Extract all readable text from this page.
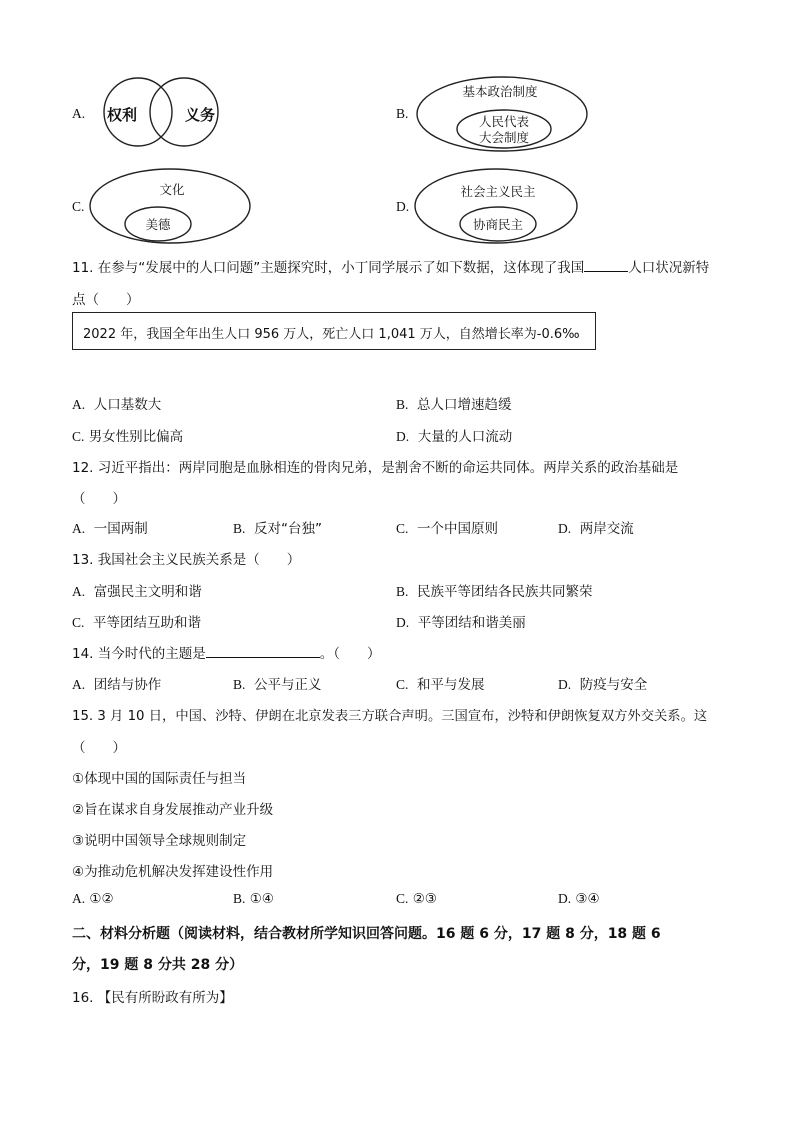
A. 权利	义务	B.
基本政治制度
人民代表
大会制度
C.
文化
美德
D.
社会主义民主
协商民主
11. 在参与“发展中的人口问题”主题探究时，小丁同学展示了如下数据，这体现了我国	人口状况新特
点（　　）
2022 年，我国全年出生人口 956 万人，死亡人口 1,041 万人，自然增长率为-0.6‰
A. 人口基数大	B. 总人口增速趋缓
C. 男女性别比偏高	D. 大量的人口流动
12. 习近平指出：两岸同胞是血脉相连的骨肉兄弟，是割舍不断的命运共同体。两岸关系的政治基础是
（　　）
A. 一国两制	B. 反对“台独”	C. 一个中国原则	D. 两岸交流
13. 我国社会主义民族关系是（　　）
A. 富强民主文明和谐	B. 民族平等团结各民族共同繁荣
C. 平等团结互助和谐	D. 平等团结和谐美丽
14. 当今时代的主题是	。（　　）
A. 团结与协作	B. 公平与正义	C. 和平与发展	D. 防疫与安全
15. 3 月 10 日，中国、沙特、伊朗在北京发表三方联合声明。三国宣布，沙特和伊朗恢复双方外交关系。这
（　　）
①体现中国的国际责任与担当
②旨在谋求自身发展推动产业升级
③说明中国领导全球规则制定
④为推动危机解决发挥建设性作用
A. ①②	B. ①④	C. ②③	D. ③④
二、材料分析题（阅读材料，结合教材所学知识回答问题。16 题 6 分，17 题 8 分，18 题 6
分，19 题 8 分共 28 分）
16. 【民有所盼政有所为】
